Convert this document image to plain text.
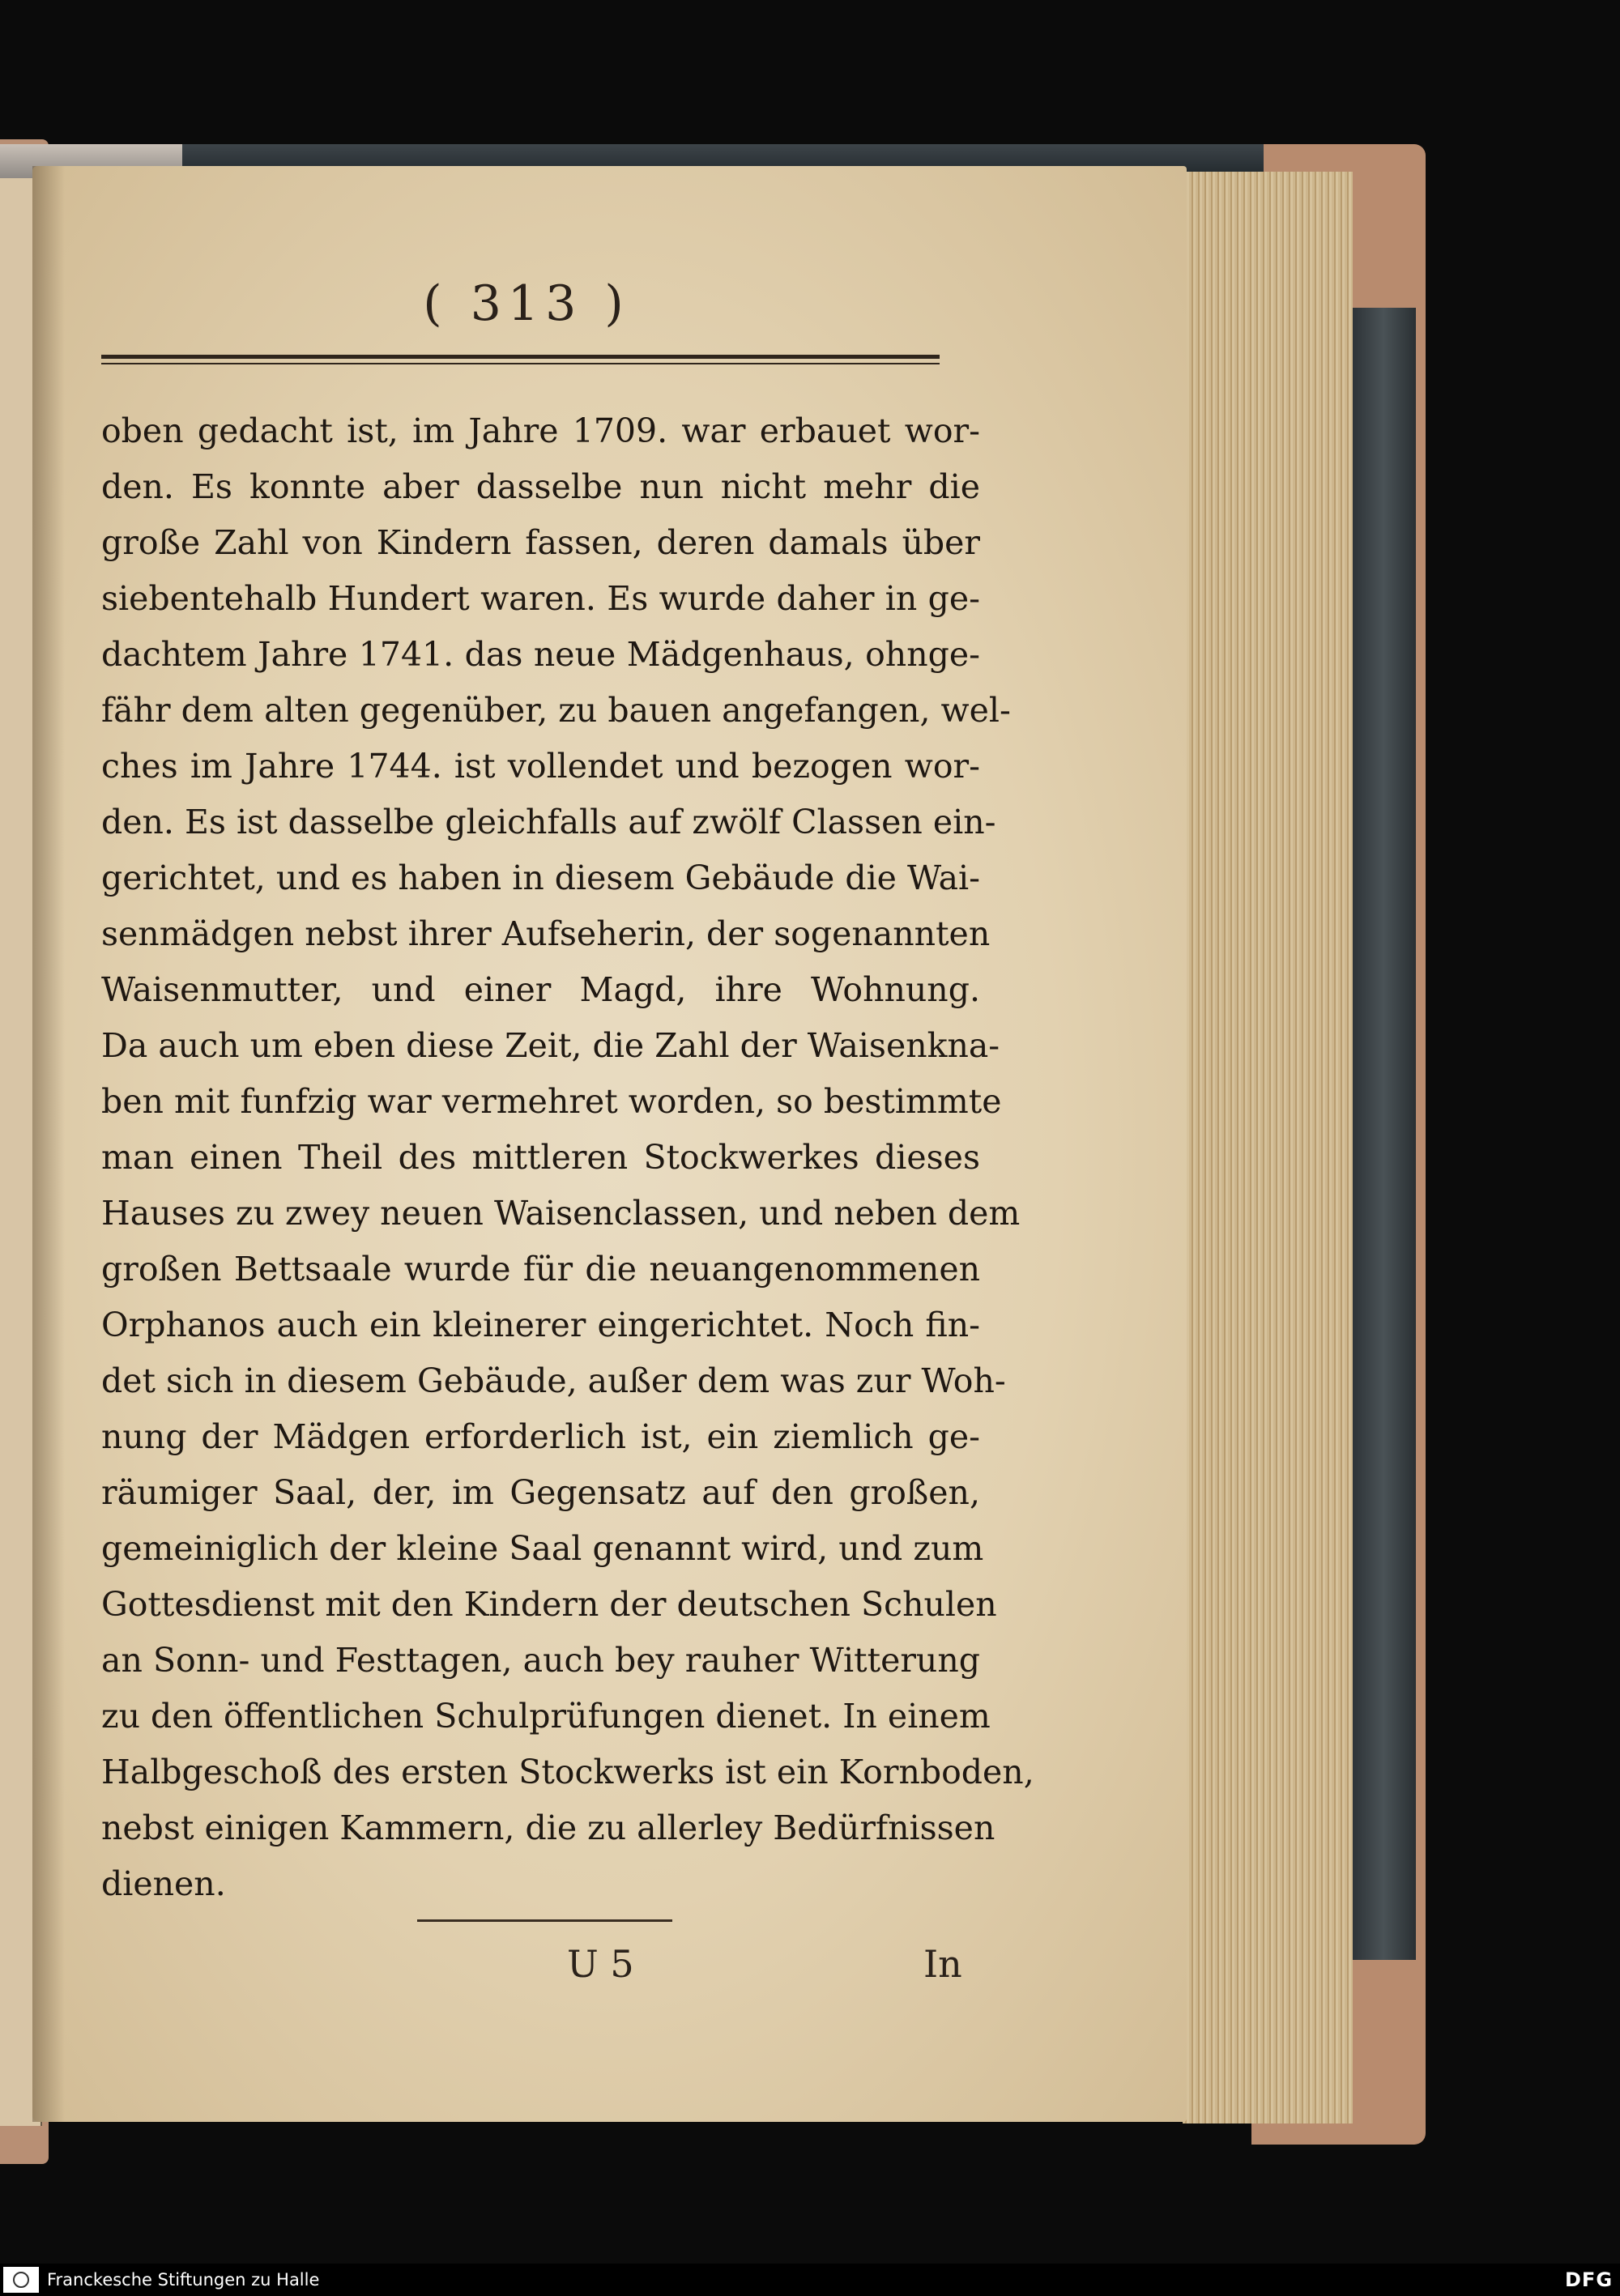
( 313 )
oben gedacht ist, im Jahre 1709. war erbauet wor-
den. Es konnte aber dasselbe nun nicht mehr die
große Zahl von Kindern fassen, deren damals über
siebentehalb Hundert waren. Es wurde daher in ge-
dachtem Jahre 1741. das neue Mädgenhaus, ohnge-
fähr dem alten gegenüber, zu bauen angefangen, wel-
ches im Jahre 1744. ist vollendet und bezogen wor-
den. Es ist dasselbe gleichfalls auf zwölf Classen ein-
gerichtet, und es haben in diesem Gebäude die Wai-
senmädgen nebst ihrer Aufseherin, der sogenannten
Waisenmutter, und einer Magd, ihre Wohnung.
Da auch um eben diese Zeit, die Zahl der Waisenkna-
ben mit funfzig war vermehret worden, so bestimmte
man einen Theil des mittleren Stockwerkes dieses
Hauses zu zwey neuen Waisenclassen, und neben dem
großen Bettsaale wurde für die neuangenommenen
Orphanos auch ein kleinerer eingerichtet. Noch fin-
det sich in diesem Gebäude, außer dem was zur Woh-
nung der Mädgen erforderlich ist, ein ziemlich ge-
räumiger Saal, der, im Gegensatz auf den großen,
gemeiniglich der kleine Saal genannt wird, und zum
Gottesdienst mit den Kindern der deutschen Schulen
an Sonn- und Festtagen, auch bey rauher Witterung
zu den öffentlichen Schulprüfungen dienet. In einem
Halbgeschoß des ersten Stockwerks ist ein Kornboden,
nebst einigen Kammern, die zu allerley Bedürfnissen
dienen.
U 5	In
Franckesche Stiftungen zu Halle	DFG
